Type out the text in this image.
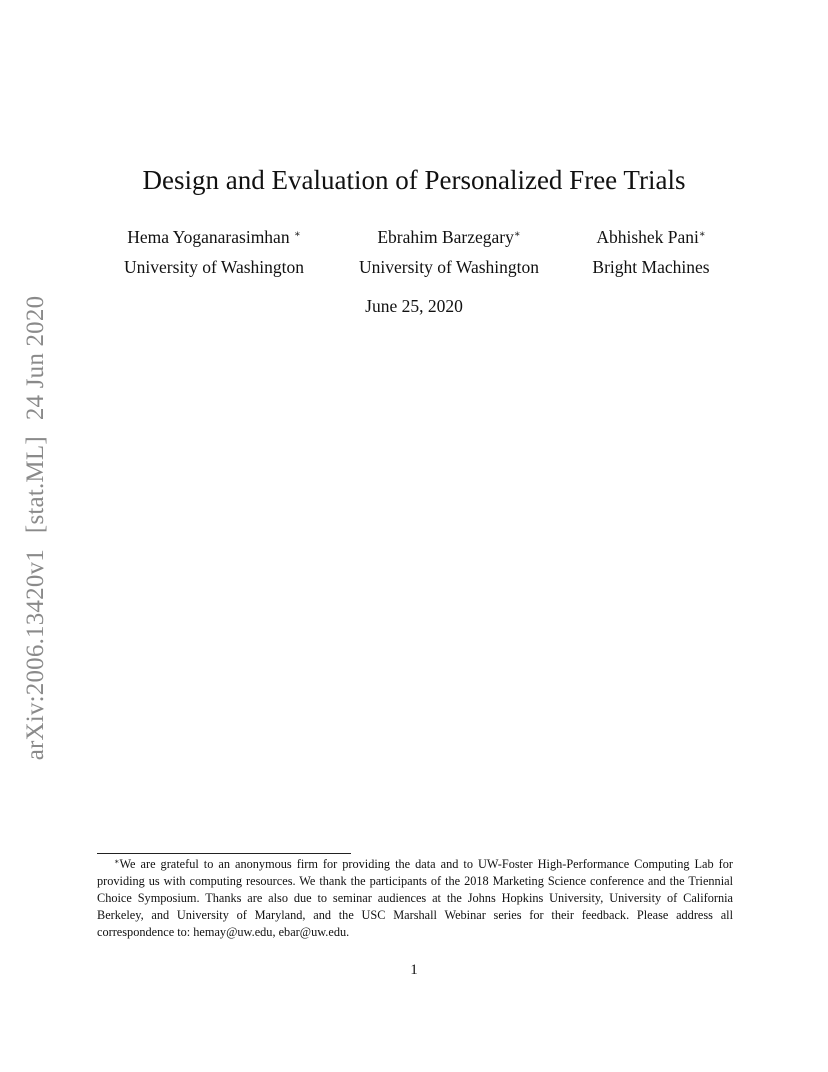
arXiv:2006.13420v1[stat.ML]24 Jun 2020
Design and Evaluation of Personalized Free Trials
Hema Yoganarasimhan ∗
University of Washington
Ebrahim Barzegary∗
University of Washington
Abhishek Pani∗
Bright Machines
June 25, 2020

∗We are grateful to an anonymous firm for providing the data and to UW-Foster High-Performance Computing Lab for providing us with computing resources. We thank the participants of the 2018 Marketing Science conference and the Triennial Choice Symposium. Thanks are also due to seminar audiences at the Johns Hopkins University, University of California Berkeley, and University of Maryland, and the USC Marshall Webinar series for their feedback. Please address all correspondence to: hemay@uw.edu, ebar@uw.edu.

1
